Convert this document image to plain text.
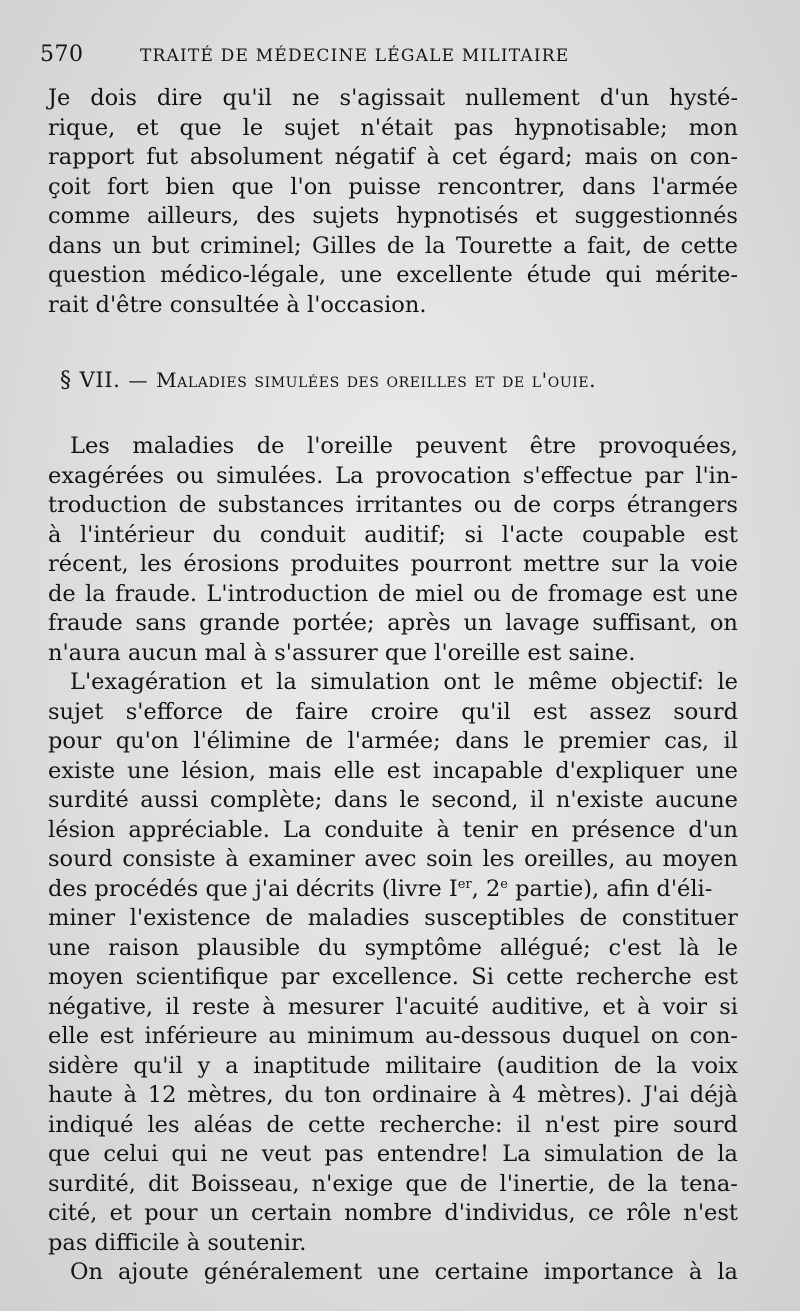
570	TRAITÉ DE MÉDECINE LÉGALE MILITAIRE
Je dois dire qu'il ne s'agissait nullement d'un hysté-
rique, et que le sujet n'était pas hypnotisable; mon
rapport fut absolument négatif à cet égard; mais on con-
çoit fort bien que l'on puisse rencontrer, dans l'armée
comme ailleurs, des sujets hypnotisés et suggestionnés
dans un but criminel; Gilles de la Tourette a fait, de cette
question médico-légale, une excellente étude qui mérite-
rait d'être consultée à l'occasion.
§ VII. — Maladies simulées des oreilles et de l'ouie.
Les maladies de l'oreille peuvent être provoquées,
exagérées ou simulées. La provocation s'effectue par l'in-
troduction de substances irritantes ou de corps étrangers
à l'intérieur du conduit auditif; si l'acte coupable est
récent, les érosions produites pourront mettre sur la voie
de la fraude. L'introduction de miel ou de fromage est une
fraude sans grande portée; après un lavage suffisant, on
n'aura aucun mal à s'assurer que l'oreille est saine.
L'exagération et la simulation ont le même objectif: le
sujet s'efforce de faire croire qu'il est assez sourd
pour qu'on l'élimine de l'armée; dans le premier cas, il
existe une lésion, mais elle est incapable d'expliquer une
surdité aussi complète; dans le second, il n'existe aucune
lésion appréciable. La conduite à tenir en présence d'un
sourd consiste à examiner avec soin les oreilles, au moyen
des procédés que j'ai décrits (livre Ier, 2e partie), afin d'éli-
miner l'existence de maladies susceptibles de constituer
une raison plausible du symptôme allégué; c'est là le
moyen scientifique par excellence. Si cette recherche est
négative, il reste à mesurer l'acuité auditive, et à voir si
elle est inférieure au minimum au-dessous duquel on con-
sidère qu'il y a inaptitude militaire (audition de la voix
haute à 12 mètres, du ton ordinaire à 4 mètres). J'ai déjà
indiqué les aléas de cette recherche: il n'est pire sourd
que celui qui ne veut pas entendre! La simulation de la
surdité, dit Boisseau, n'exige que de l'inertie, de la tena-
cité, et pour un certain nombre d'individus, ce rôle n'est
pas difficile à soutenir.
On ajoute généralement une certaine importance à la
